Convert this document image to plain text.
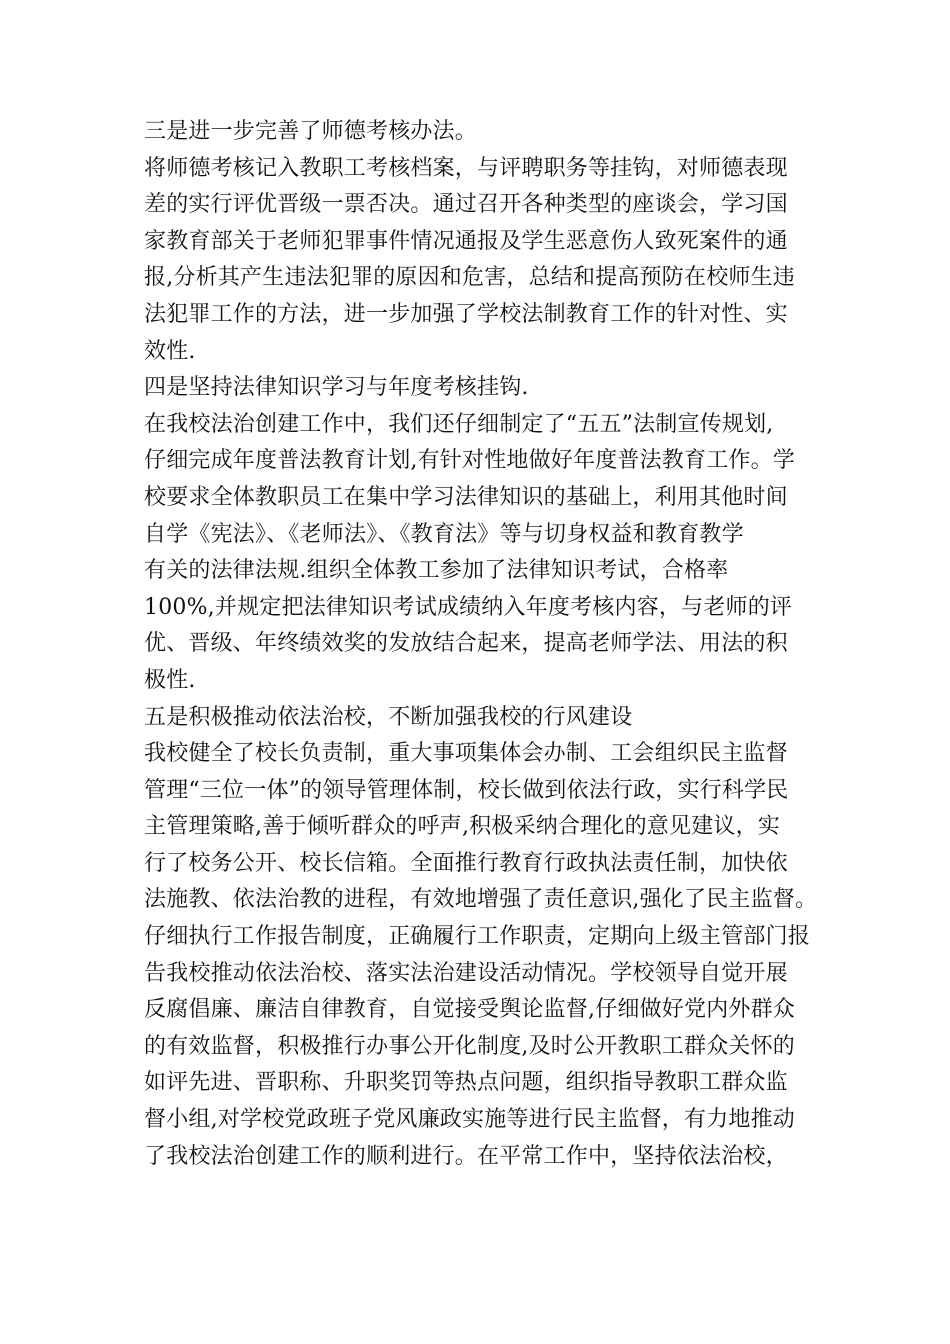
三是进一步完善了师德考核办法。
将师德考核记入教职工考核档案，与评聘职务等挂钩，对师德表现
差的实行评优晋级一票否决。通过召开各种类型的座谈会，学习国
家教育部关于老师犯罪事件情况通报及学生恶意伤人致死案件的通
报,分析其产生违法犯罪的原因和危害，总结和提高预防在校师生违
法犯罪工作的方法，进一步加强了学校法制教育工作的针对性、实
效性.
四是坚持法律知识学习与年度考核挂钩.
在我校法治创建工作中，我们还仔细制定了“五五”法制宣传规划,
仔细完成年度普法教育计划,有针对性地做好年度普法教育工作。学
校要求全体教职员工在集中学习法律知识的基础上，利用其他时间
自学《宪法》、《老师法》、《教育法》等与切身权益和教育教学
有关的法律法规.组织全体教工参加了法律知识考试，合格率
100%,并规定把法律知识考试成绩纳入年度考核内容，与老师的评
优、晋级、年终绩效奖的发放结合起来，提高老师学法、用法的积
极性.
五是积极推动依法治校，不断加强我校的行风建设
我校健全了校长负责制，重大事项集体会办制、工会组织民主监督
管理“三位一体”的领导管理体制，校长做到依法行政，实行科学民
主管理策略,善于倾听群众的呼声,积极采纳合理化的意见建议，实
行了校务公开、校长信箱。全面推行教育行政执法责任制，加快依
法施教、依法治教的进程，有效地增强了责任意识,强化了民主监督。
仔细执行工作报告制度，正确履行工作职责，定期向上级主管部门报
告我校推动依法治校、落实法治建设活动情况。学校领导自觉开展
反腐倡廉、廉洁自律教育，自觉接受舆论监督,仔细做好党内外群众
的有效监督，积极推行办事公开化制度,及时公开教职工群众关怀的
如评先进、晋职称、升职奖罚等热点问题，组织指导教职工群众监
督小组,对学校党政班子党风廉政实施等进行民主监督，有力地推动
了我校法治创建工作的顺利进行。在平常工作中，坚持依法治校，
